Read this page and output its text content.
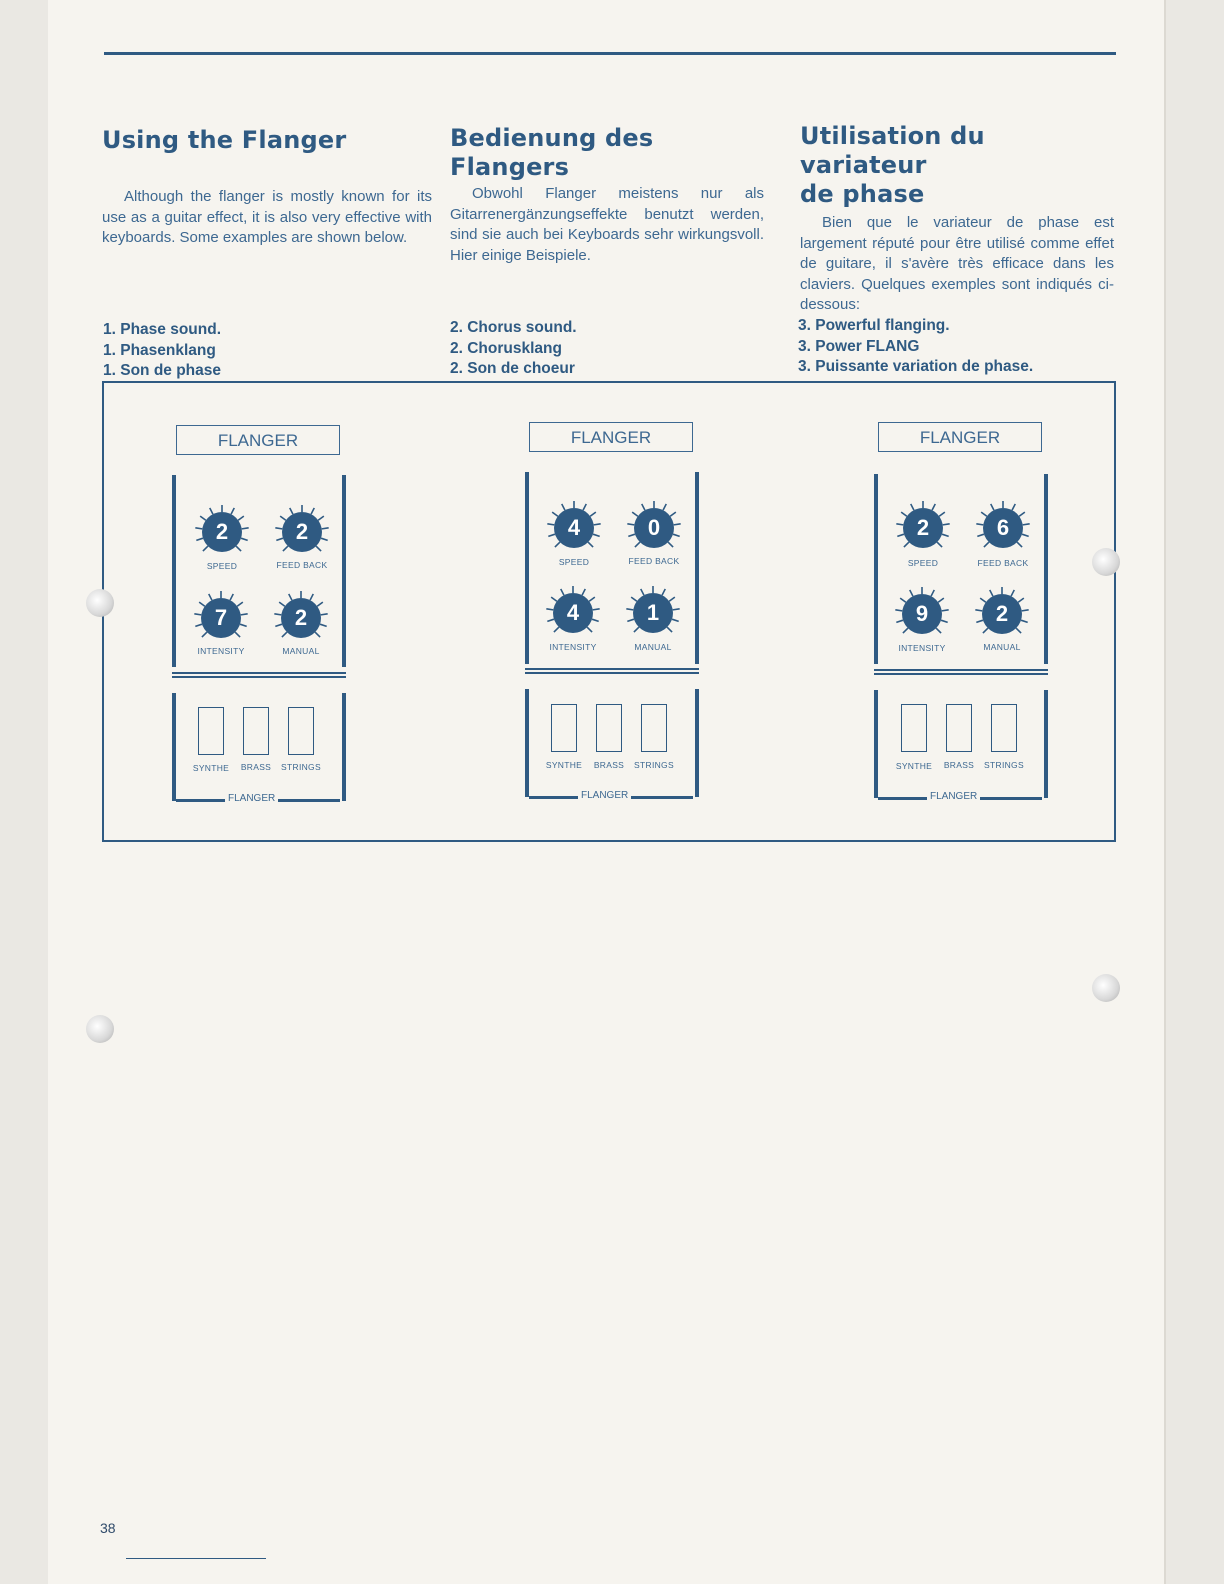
Using the Flanger

Although the flanger is mostly known for its use as a guitar effect, it is also very effective with keyboards. Some examples are shown below.

Bedienung des
Flangers

Obwohl Flanger meistens nur als Gitarrenergänzungseffekte benutzt werden, sind sie auch bei Keyboards sehr wirkungsvoll. Hier einige Beispiele.

Utilisation du variateur
de phase

Bien que le variateur de phase est largement réputé pour être utilisé comme effet de guitare, il s'avère très efficace dans les claviers. Quelques exemples sont indiqués ci-dessous:

1. Phase sound.
1. Phasenklang
1. Son de phase
2. Chorus sound.
2. Chorusklang
2. Son de choeur
3. Powerful flanging.
3. Power FLANG
3. Puissante variation de phase.
FLANGER
2
SPEED
2
FEED BACK
7
INTENSITY
2
MANUAL
SYNTHE	BRASS	STRINGS
FLANGER
FLANGER
4
SPEED
0
FEED BACK
4
INTENSITY
1
MANUAL
SYNTHE	BRASS	STRINGS
FLANGER
FLANGER
2
SPEED
6
FEED BACK
9
INTENSITY
2
MANUAL
SYNTHE	BRASS	STRINGS
FLANGER
38
